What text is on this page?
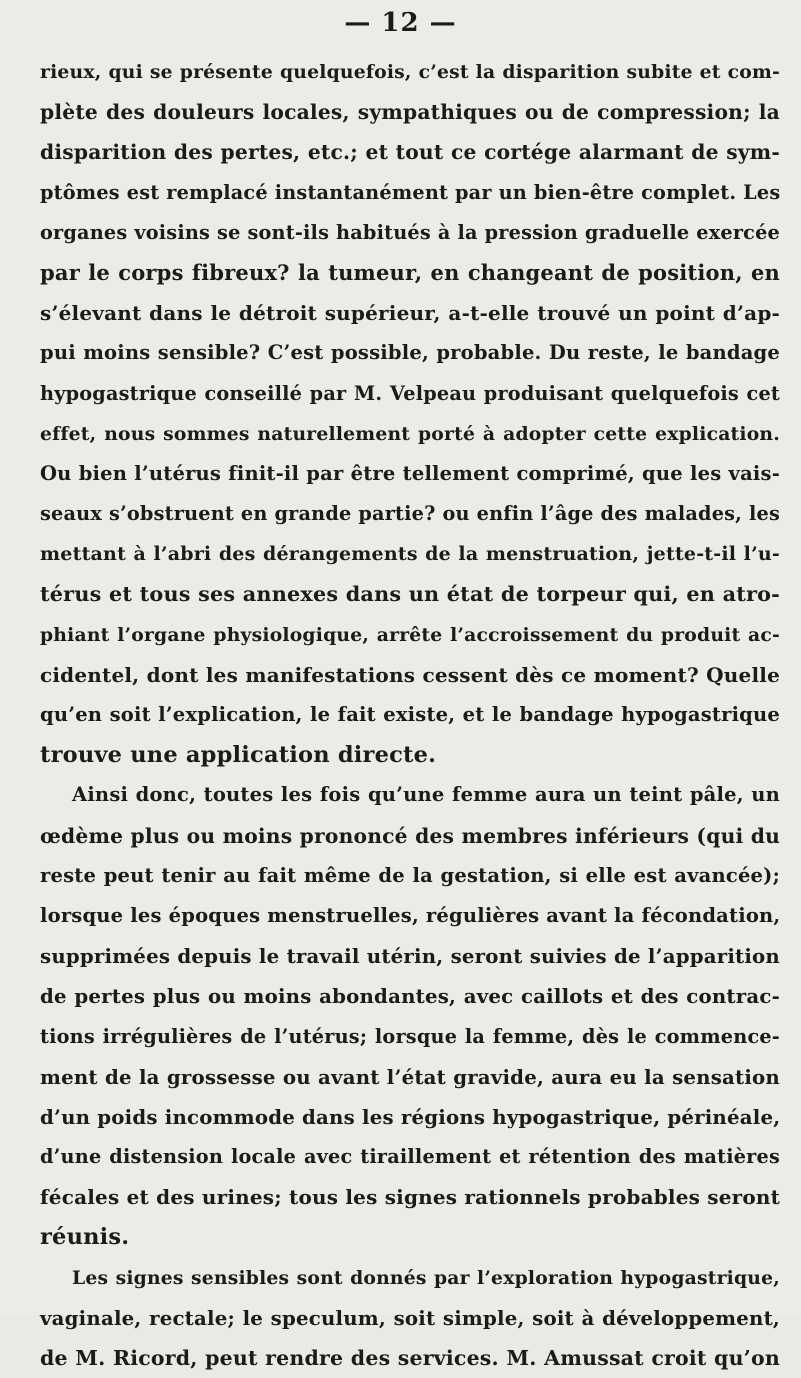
— 12 —
rieux, qui se présente quelquefois, c’est la disparition subite et com-
plète des douleurs locales, sympathiques ou de compression; la
disparition des pertes, etc.; et tout ce cortége alarmant de sym-
ptômes est remplacé instantanément par un bien-être complet. Les
organes voisins se sont-ils habitués à la pression graduelle exercée
par le corps fibreux? la tumeur, en changeant de position, en
s’élevant dans le détroit supérieur, a-t-elle trouvé un point d’ap-
pui moins sensible? C’est possible, probable. Du reste, le bandage
hypogastrique conseillé par M. Velpeau produisant quelquefois cet
effet, nous sommes naturellement porté à adopter cette explication.
Ou bien l’utérus finit-il par être tellement comprimé, que les vais-
seaux s’obstruent en grande partie? ou enfin l’âge des malades, les
mettant à l’abri des dérangements de la menstruation, jette-t-il l’u-
térus et tous ses annexes dans un état de torpeur qui, en atro-
phiant l’organe physiologique, arrête l’accroissement du produit ac-
cidentel, dont les manifestations cessent dès ce moment? Quelle
qu’en soit l’explication, le fait existe, et le bandage hypogastrique
trouve une application directe.
Ainsi donc, toutes les fois qu’une femme aura un teint pâle, un
œdème plus ou moins prononcé des membres inférieurs (qui du
reste peut tenir au fait même de la gestation, si elle est avancée);
lorsque les époques menstruelles, régulières avant la fécondation,
supprimées depuis le travail utérin, seront suivies de l’apparition
de pertes plus ou moins abondantes, avec caillots et des contrac-
tions irrégulières de l’utérus; lorsque la femme, dès le commence-
ment de la grossesse ou avant l’état gravide, aura eu la sensation
d’un poids incommode dans les régions hypogastrique, périnéale,
d’une distension locale avec tiraillement et rétention des matières
fécales et des urines; tous les signes rationnels probables seront
réunis.
Les signes sensibles sont donnés par l’exploration hypogastrique,
vaginale, rectale; le speculum, soit simple, soit à développement,
de M. Ricord, peut rendre des services. M. Amussat croit qu’on
